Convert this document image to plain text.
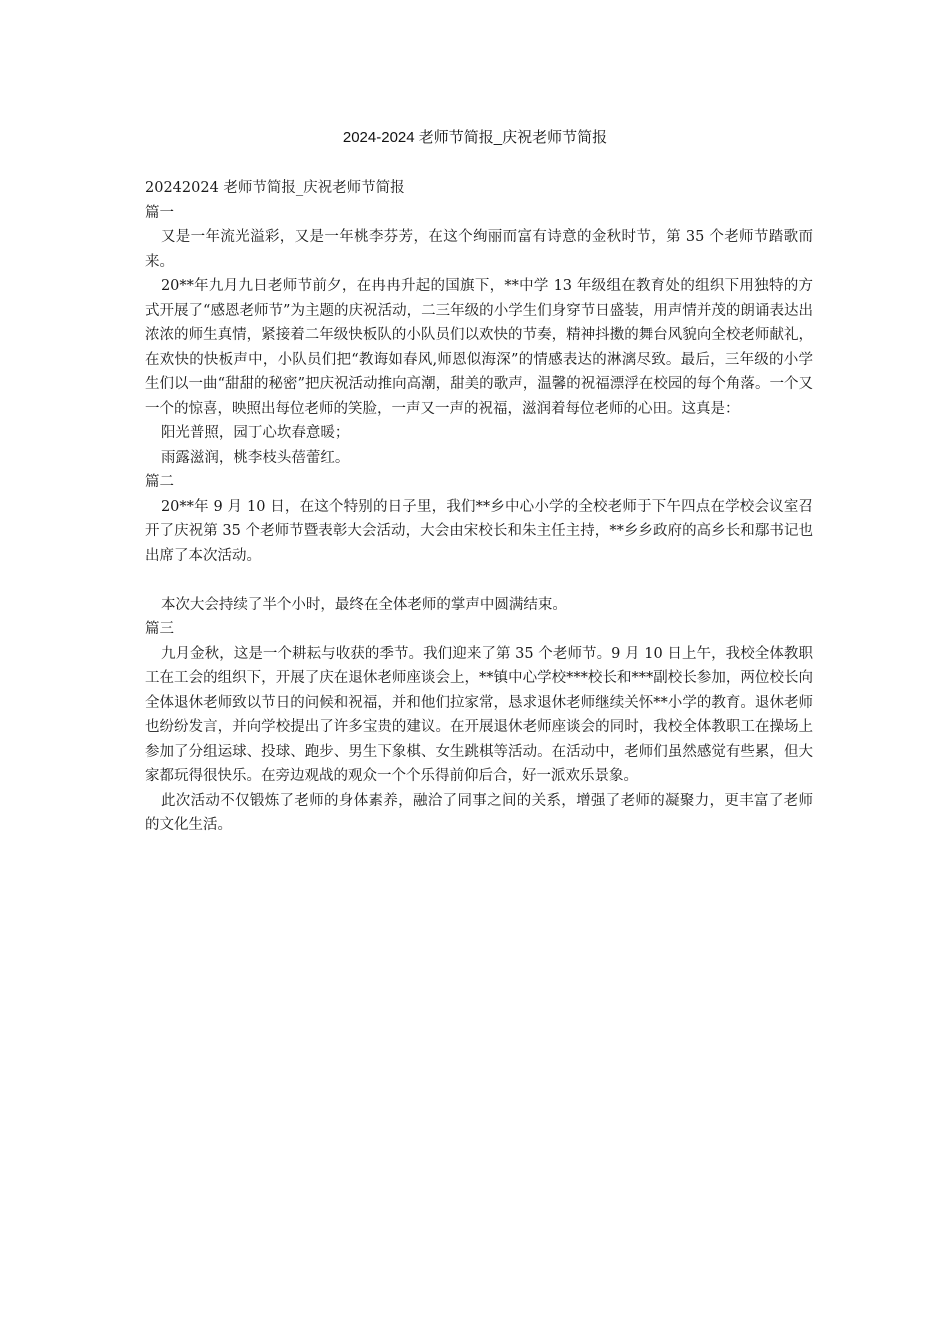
2024-2024 老师节简报_庆祝老师节简报

20242024 老师节简报_庆祝老师节简报

篇一

又是一年流光溢彩，又是一年桃李芬芳，在这个绚丽而富有诗意的金秋时节，第 35 个老师节踏歌而来。

20**年九月九日老师节前夕，在冉冉升起的国旗下，**中学 13 年级组在教育处的组织下用独特的方式开展了“感恩老师节”为主题的庆祝活动，二三年级的小学生们身穿节日盛装，用声情并茂的朗诵表达出浓浓的师生真情，紧接着二年级快板队的小队员们以欢快的节奏，精神抖擞的舞台风貌向全校老师献礼，在欢快的快板声中，小队员们把“教诲如春风,师恩似海深”的情感表达的淋漓尽致。最后，三年级的小学生们以一曲“甜甜的秘密”把庆祝活动推向高潮，甜美的歌声，温馨的祝福漂浮在校园的每个角落。一个又一个的惊喜，映照出每位老师的笑脸，一声又一声的祝福，滋润着每位老师的心田。这真是：

阳光普照，园丁心坎春意暖；

雨露滋润，桃李枝头蓓蕾红。

篇二

20**年 9 月 10 日，在这个特别的日子里，我们**乡中心小学的全校老师于下午四点在学校会议室召开了庆祝第 35 个老师节暨表彰大会活动，大会由宋校长和朱主任主持，**乡乡政府的高乡长和鄢书记也出席了本次活动。

本次大会持续了半个小时，最终在全体老师的掌声中圆满结束。

篇三

九月金秋，这是一个耕耘与收获的季节。我们迎来了第 35 个老师节。9 月 10 日上午，我校全体教职工在工会的组织下，开展了庆在退休老师座谈会上，**镇中心学校***校长和***副校长参加，两位校长向全体退休老师致以节日的问候和祝福，并和他们拉家常，恳求退休老师继续关怀**小学的教育。退休老师也纷纷发言，并向学校提出了许多宝贵的建议。在开展退休老师座谈会的同时，我校全体教职工在操场上参加了分组运球、投球、跑步、男生下象棋、女生跳棋等活动。在活动中，老师们虽然感觉有些累，但大家都玩得很快乐。在旁边观战的观众一个个乐得前仰后合，好一派欢乐景象。

此次活动不仅锻炼了老师的身体素养，融洽了同事之间的关系，增强了老师的凝聚力，更丰富了老师的文化生活。
